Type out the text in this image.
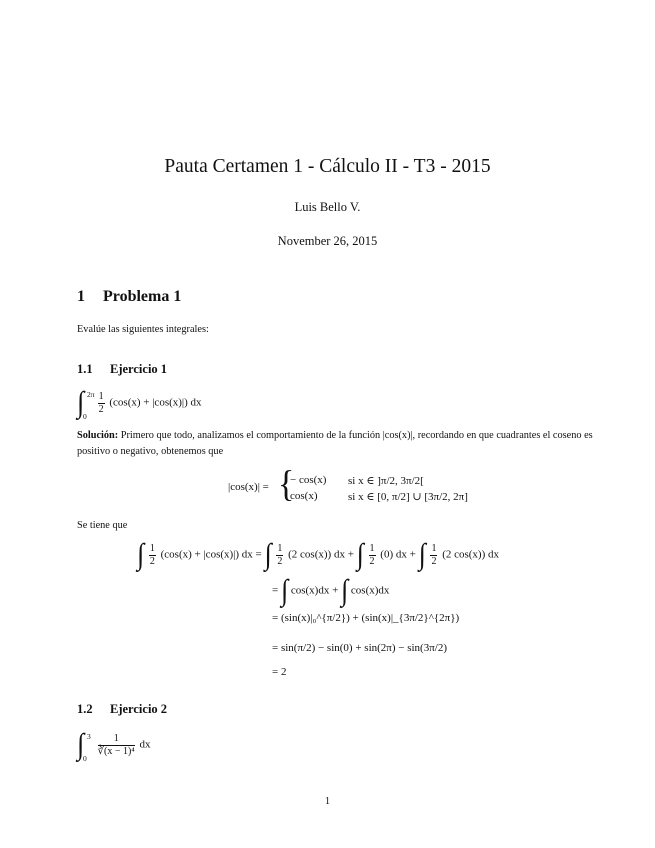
Pauta Certamen 1 - Cálculo II - T3 - 2015
Luis Bello V.
November 26, 2015
1 Problema 1
Evalúe las siguientes integrales:
1.1 Ejercicio 1
∫ 2π
0

$\frac{1}{2} (\cos(x) + |\cos(x)|)$ dx
Solución: Primero que todo, analizamos el comportamiento de la función |cos(x)|, recordando en que cuadrantes el coseno es positivo o negativo, obtenemos que
|cos(x)| = {
− cos(x) si x ∈ ]π/2, 3π/2[
cos(x)	si x ∈ [0, π/2] ∪ [3π/2, 2π]
Se tiene que
∫ $\frac{1}{2} (\cos(x) + |\cos(x)|)$ dx = ∫ $\frac{1}{2} (2$ cos(x)) dx + ∫ $\frac{1}{2} (0)$ dx + ∫ $\frac{1}{2} (2$ cos(x)) dx
= ∫ cos(x)dx + ∫ cos(x)dx
= (sin(x)|₀^{π/2}) + (sin(x)|_{3π/2}^{2π})
= sin(π/2) − sin(0) + sin(2π) − sin(3π/2)
= 2
1.2 Ejercicio 2
∫ 3
0

$\frac{1}{\text{∛(x − 1)⁴}}$ dx
1
